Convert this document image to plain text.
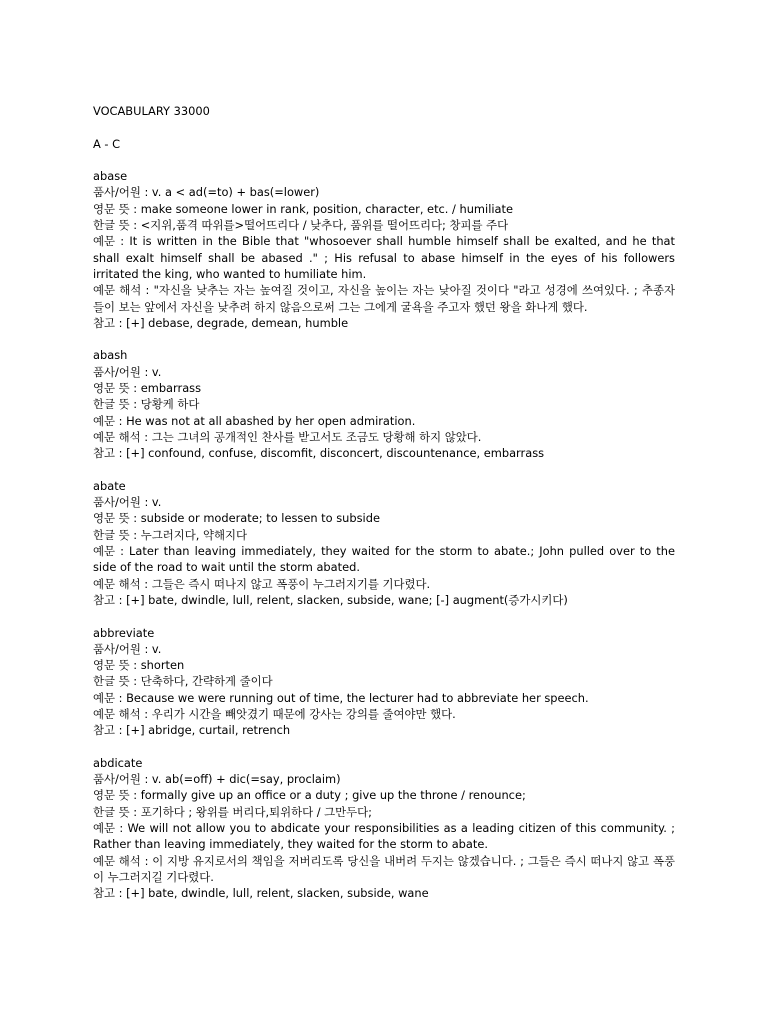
VOCABULARY 33000
A - C
abase
품사/어원 : v. a < ad(=to) + bas(=lower)
영문 뜻 : make someone lower in rank, position, character, etc. / humiliate
한글 뜻 : <지위,품격 따위를>떨어뜨리다 / 낮추다, 품위를 떨어뜨리다; 창피를 주다
예문 : It is written in the Bible that "whosoever shall humble himself shall be exalted, and he that shall exalt himself shall be abased ." ; His refusal to abase himself in the eyes of his followers irritated the king, who wanted to humiliate him.
예문 해석 : "자신을 낮추는 자는 높여질 것이고, 자신을 높이는 자는 낮아질 것이다 "라고 성경에 쓰여있다. ; 추종자들이 보는 앞에서 자신을 낮추려 하지 않음으로써 그는 그에게 굴욕을 주고자 했던 왕을 화나게 했다.
참고 : [+] debase, degrade, demean, humble
abash
품사/어원 : v.
영문 뜻 : embarrass
한글 뜻 : 당황케 하다
예문 : He was not at all abashed by her open admiration.
예문 해석 : 그는 그녀의 공개적인 찬사를 받고서도 조금도 당황해 하지 않았다.
참고 : [+] confound, confuse, discomfit, disconcert, discountenance, embarrass
abate
품사/어원 : v.
영문 뜻 : subside or moderate; to lessen to subside
한글 뜻 : 누그러지다, 약해지다
예문 : Later than leaving immediately, they waited for the storm to abate.; John pulled over to the side of the road to wait until the storm abated.
예문 해석 : 그들은 즉시 떠나지 않고 폭풍이 누그러지기를 기다렸다.
참고 : [+] bate, dwindle, lull, relent, slacken, subside, wane; [-] augment(증가시키다)
abbreviate
품사/어원 : v.
영문 뜻 : shorten
한글 뜻 : 단축하다, 간략하게 줄이다
예문 : Because we were running out of time, the lecturer had to abbreviate her speech.
예문 해석 : 우리가 시간을 빼앗겼기 때문에 강사는 강의를 줄여야만 했다.
참고 : [+] abridge, curtail, retrench
abdicate
품사/어원 : v. ab(=off) + dic(=say, proclaim)
영문 뜻 : formally give up an office or a duty ; give up the throne / renounce;
한글 뜻 : 포기하다 ; 왕위를 버리다,퇴위하다 / 그만두다;
예문 : We will not allow you to abdicate your responsibilities as a leading citizen of this community. ; Rather than leaving immediately, they waited for the storm to abate.
예문 해석 : 이 지방 유지로서의 책임을 저버리도록 당신을 내버려 두지는 않겠습니다. ; 그들은 즉시 떠나지 않고 폭풍이 누그러지길 기다렸다.
참고 : [+] bate, dwindle, lull, relent, slacken, subside, wane
